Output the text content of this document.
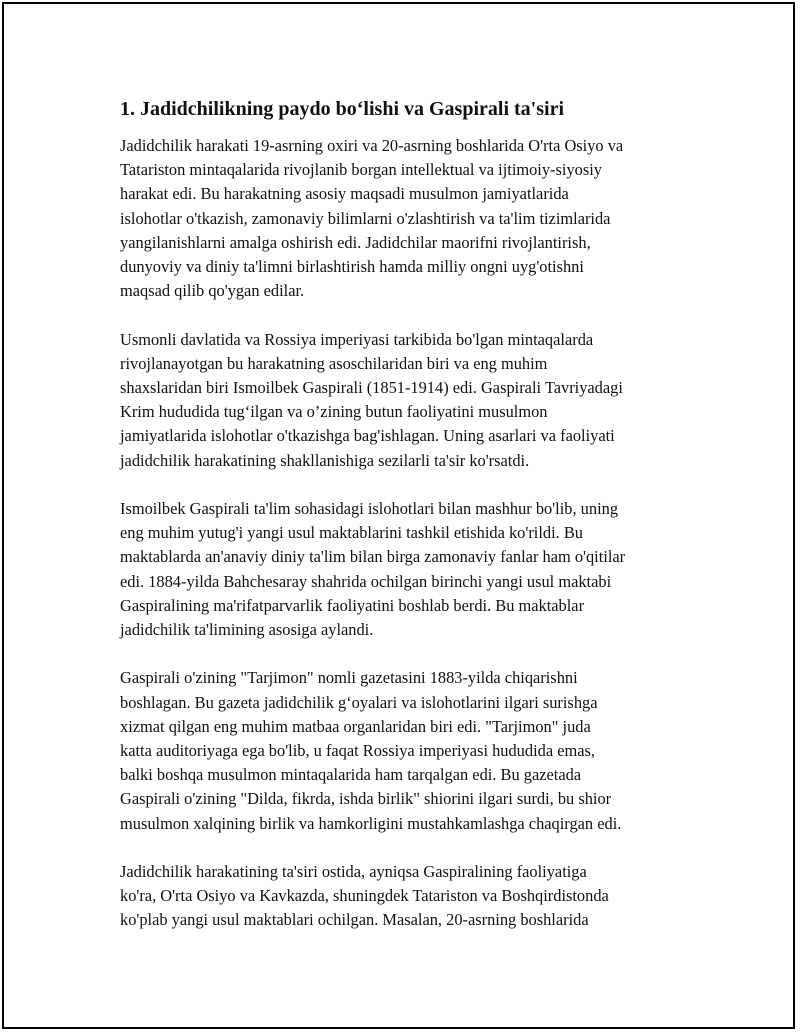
1. Jadidchilikning paydo bo‘lishi va Gaspirali ta'siri

Jadidchilik harakati 19-asrning oxiri va 20-asrning boshlarida O'rta Osiyo va
Tatariston mintaqalarida rivojlanib borgan intellektual va ijtimoiy-siyosiy
harakat edi. Bu harakatning asosiy maqsadi musulmon jamiyatlarida
islohotlar o'tkazish, zamonaviy bilimlarni o'zlashtirish va ta'lim tizimlarida
yangilanishlarni amalga oshirish edi. Jadidchilar maorifni rivojlantirish,
dunyoviy va diniy ta'limni birlashtirish hamda milliy ongni uyg'otishni
maqsad qilib qo'ygan edilar.

Usmonli davlatida va Rossiya imperiyasi tarkibida bo'lgan mintaqalarda
rivojlanayotgan bu harakatning asoschilaridan biri va eng muhim
shaxslaridan biri Ismoilbek Gaspirali (1851-1914) edi. Gaspirali Tavriyadagi
Krim hududida tug‘ilgan va o’zining butun faoliyatini musulmon
jamiyatlarida islohotlar o'tkazishga bag'ishlagan. Uning asarlari va faoliyati
jadidchilik harakatining shakllanishiga sezilarli ta'sir ko'rsatdi.

Ismoilbek Gaspirali ta'lim sohasidagi islohotlari bilan mashhur bo'lib, uning
eng muhim yutug'i yangi usul maktablarini tashkil etishida ko'rildi. Bu
maktablarda an'anaviy diniy ta'lim bilan birga zamonaviy fanlar ham o'qitilar
edi. 1884-yilda Bahchesaray shahrida ochilgan birinchi yangi usul maktabi
Gaspiralining ma'rifatparvarlik faoliyatini boshlab berdi. Bu maktablar
jadidchilik ta'limining asosiga aylandi.

Gaspirali o'zining "Tarjimon" nomli gazetasini 1883-yilda chiqarishni
boshlagan. Bu gazeta jadidchilik g‘oyalari va islohotlarini ilgari surishga
xizmat qilgan eng muhim matbaa organlaridan biri edi. "Tarjimon" juda
katta auditoriyaga ega bo'lib, u faqat Rossiya imperiyasi hududida emas,
balki boshqa musulmon mintaqalarida ham tarqalgan edi. Bu gazetada
Gaspirali o'zining "Dilda, fikrda, ishda birlik" shiorini ilgari surdi, bu shior
musulmon xalqining birlik va hamkorligini mustahkamlashga chaqirgan edi.

Jadidchilik harakatining ta'siri ostida, ayniqsa Gaspiralining faoliyatiga
ko'ra, O'rta Osiyo va Kavkazda, shuningdek Tatariston va Boshqirdistonda
ko'plab yangi usul maktablari ochilgan. Masalan, 20-asrning boshlarida
